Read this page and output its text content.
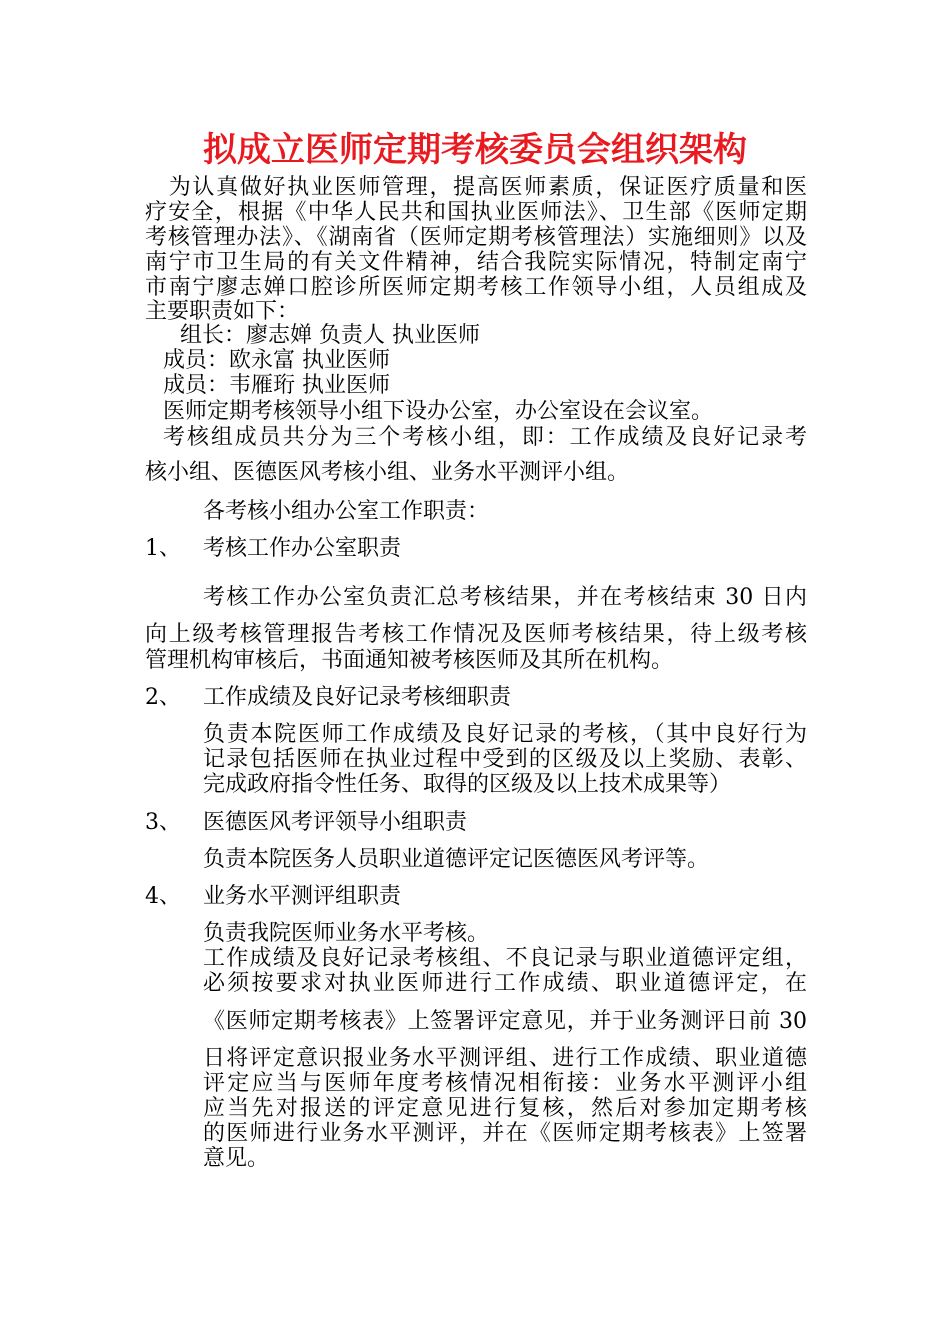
拟成立医师定期考核委员会组织架构
　为认真做好执业医师管理，提高医师素质，保证医疗质量和医
疗安全，根据《中华人民共和国执业医师法》、卫生部《医师定期
考核管理办法》、《湖南省（医师定期考核管理法）实施细则》以及
南宁市卫生局的有关文件精神，结合我院实际情况，特制定南宁
市南宁廖志婵口腔诊所医师定期考核工作领导小组，人员组成及
主要职责如下：
组长：廖志婵 负责人 执业医师
成员：欧永富 执业医师
成员：韦雁珩 执业医师
医师定期考核领导小组下设办公室，办公室设在会议室。
考核组成员共分为三个考核小组，即：工作成绩及良好记录考
核小组、医德医风考核小组、业务水平测评小组。
各考核小组办公室工作职责：
1、 考核工作办公室职责
考核工作办公室负责汇总考核结果，并在考核结束 30 日内
向上级考核管理报告考核工作情况及医师考核结果，待上级考核
管理机构审核后，书面通知被考核医师及其所在机构。
2、 工作成绩及良好记录考核细职责
负责本院医师工作成绩及良好记录的考核，（其中良好行为
记录包括医师在执业过程中受到的区级及以上奖励、表彰、
完成政府指令性任务、取得的区级及以上技术成果等）
3、 医德医风考评领导小组职责
负责本院医务人员职业道德评定记医德医风考评等。
4、 业务水平测评组职责
负责我院医师业务水平考核。
工作成绩及良好记录考核组、不良记录与职业道德评定组，
必须按要求对执业医师进行工作成绩、职业道德评定，在
《医师定期考核表》上签署评定意见，并于业务测评日前 30
日将评定意识报业务水平测评组、进行工作成绩、职业道德
评定应当与医师年度考核情况相衔接：业务水平测评小组
应当先对报送的评定意见进行复核，然后对参加定期考核
的医师进行业务水平测评，并在《医师定期考核表》上签署
意见。
